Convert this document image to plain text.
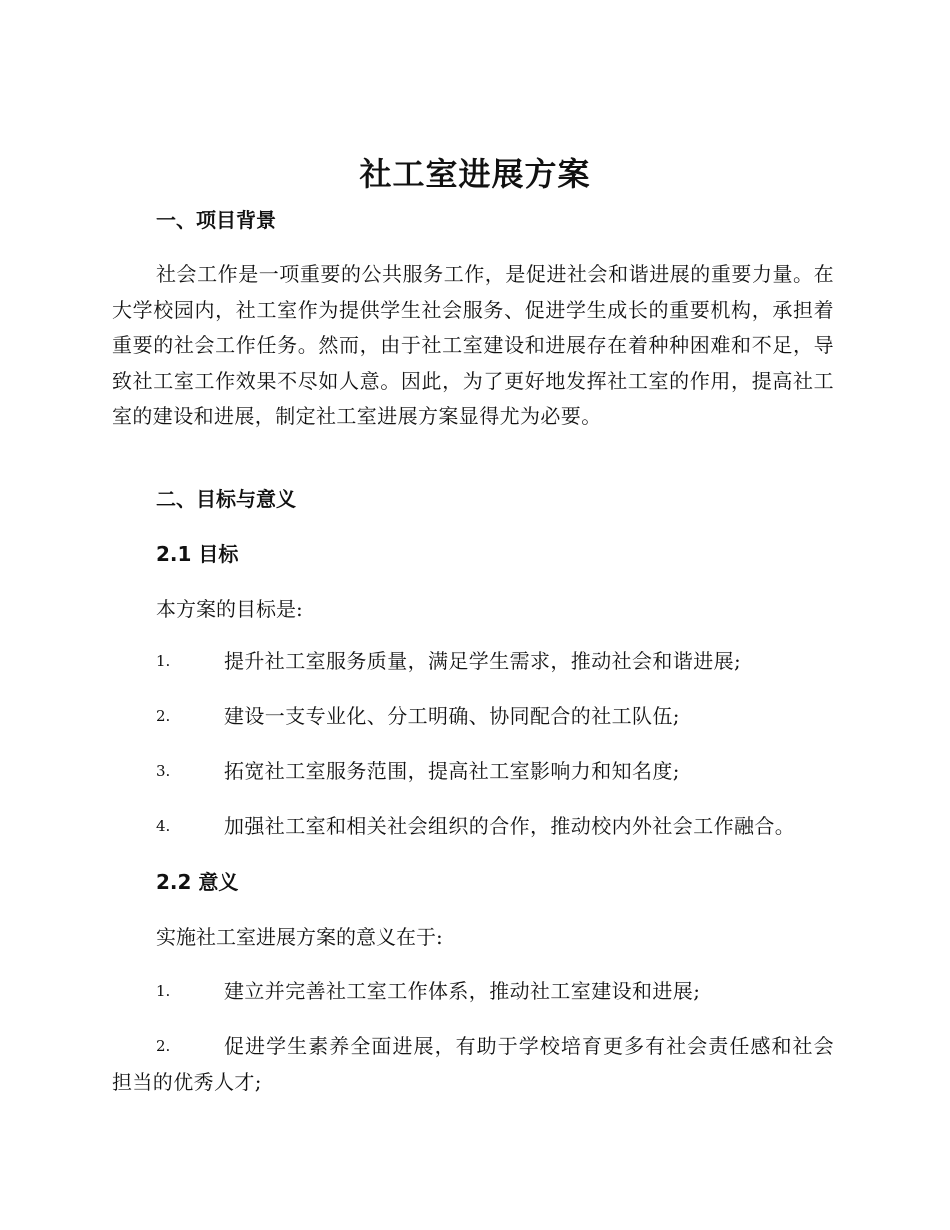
社工室进展方案
一、项目背景
社会工作是一项重要的公共服务工作，是促进社会和谐进展的重要力量。在大学校园内，社工室作为提供学生社会服务、促进学生成长的重要机构，承担着重要的社会工作任务。然而，由于社工室建设和进展存在着种种困难和不足，导致社工室工作效果不尽如人意。因此，为了更好地发挥社工室的作用，提高社工室的建设和进展，制定社工室进展方案显得尤为必要。
二、目标与意义
2.1 目标
本方案的目标是:
1.	提升社工室服务质量，满足学生需求，推动社会和谐进展;
2.	建设一支专业化、分工明确、协同配合的社工队伍;
3.	拓宽社工室服务范围，提高社工室影响力和知名度;
4.	加强社工室和相关社会组织的合作，推动校内外社会工作融合。
2.2 意义
实施社工室进展方案的意义在于:
1.	建立并完善社工室工作体系，推动社工室建设和进展;
2.	促进学生素养全面进展，有助于学校培育更多有社会责任感和社会担当的优秀人才;
